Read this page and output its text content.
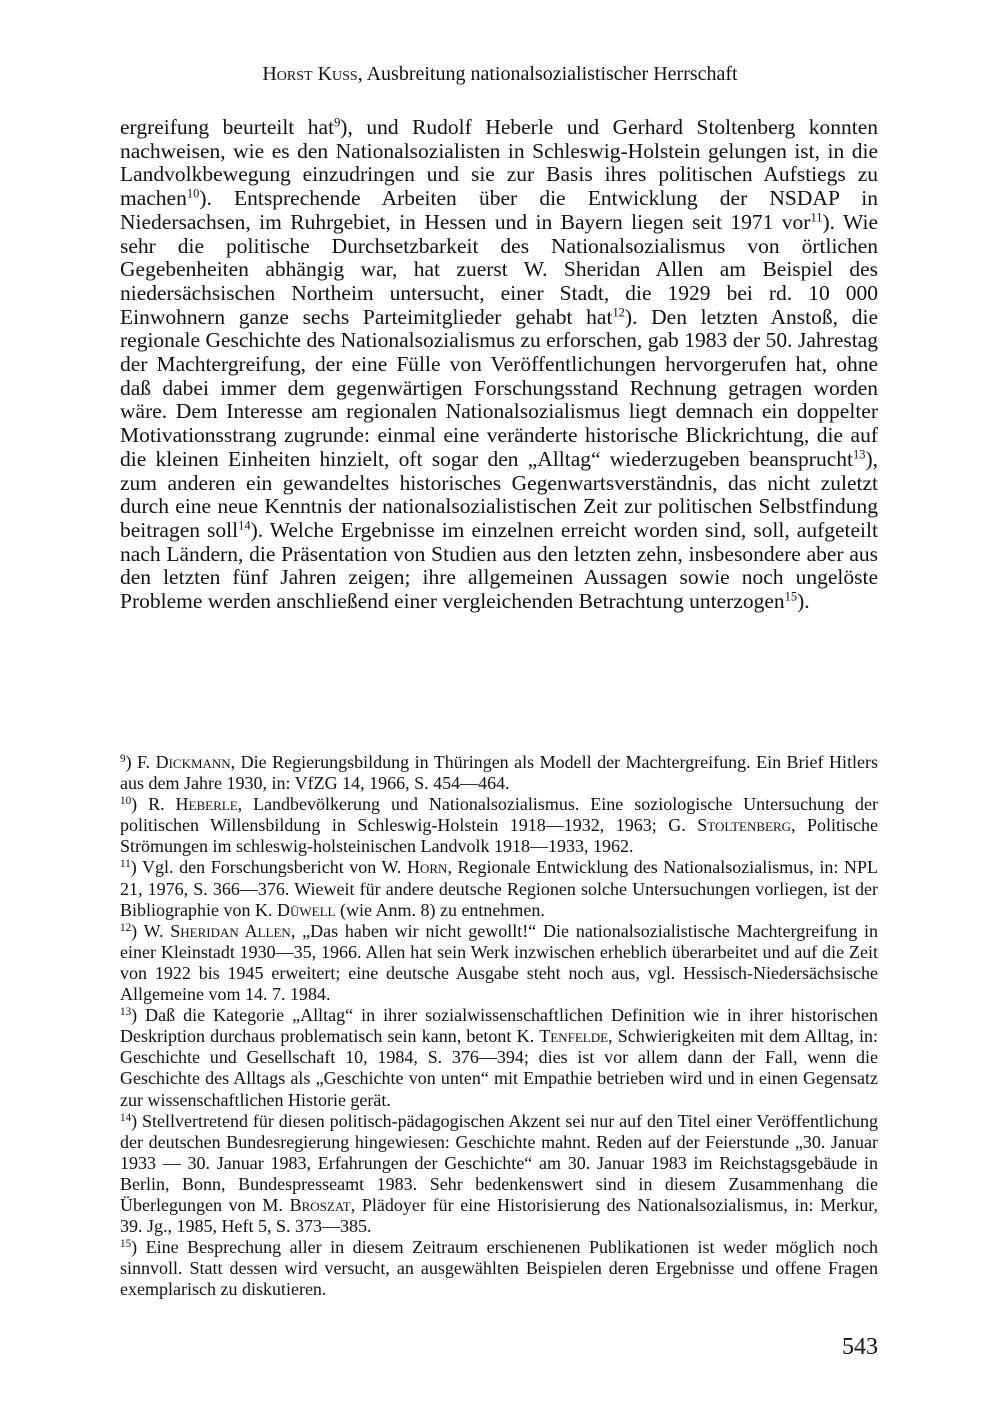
Horst Kuss, Ausbreitung nationalsozialistischer Herrschaft

ergreifung beurteilt hat$^9$), und Rudolf Heberle und Gerhard Stoltenberg konnten nachweisen, wie es den Nationalsozialisten in Schleswig-Holstein gelungen ist, in die Landvolkbewegung einzudringen und sie zur Basis ihres politischen Aufstiegs zu machen$^{10}$). Entsprechende Arbeiten über die Entwicklung der NSDAP in Niedersachsen, im Ruhrgebiet, in Hessen und in Bayern liegen seit 1971 vor$^{11}$). Wie sehr die politische Durchsetzbarkeit des Nationalsozialismus von örtlichen Gegebenheiten abhängig war, hat zuerst W. Sheridan Allen am Beispiel des niedersächsischen Northeim untersucht, einer Stadt, die 1929 bei rd. 10 000 Einwohnern ganze sechs Parteimitglieder gehabt hat$^{12}$). Den letzten Anstoß, die regionale Geschichte des Nationalsozialismus zu erforschen, gab 1983 der 50. Jahrestag der Machtergreifung, der eine Fülle von Veröffentlichungen hervorgerufen hat, ohne daß dabei immer dem gegenwärtigen Forschungsstand Rechnung getragen worden wäre. Dem Interesse am regionalen Nationalsozialismus liegt demnach ein doppelter Motivationsstrang zugrunde: einmal eine veränderte historische Blickrichtung, die auf die kleinen Einheiten hinzielt, oft sogar den „Alltag“ wiederzugeben beansprucht$^{13}$), zum anderen ein gewandeltes historisches Gegenwartsverständnis, das nicht zuletzt durch eine neue Kenntnis der nationalsozialistischen Zeit zur politischen Selbstfindung beitragen soll$^{14}$). Welche Ergebnisse im einzelnen erreicht worden sind, soll, aufgeteilt nach Ländern, die Präsentation von Studien aus den letzten zehn, insbesondere aber aus den letzten fünf Jahren zeigen; ihre allgemeinen Aussagen sowie noch ungelöste Probleme werden anschließend einer vergleichenden Betrachtung unterzogen$^{15}$).

$^9$) F. Dickmann, Die Regierungsbildung in Thüringen als Modell der Machtergreifung. Ein Brief Hitlers aus dem Jahre 1930, in: VfZG 14, 1966, S. 454—464.

$^{10}$) R. Heberle, Landbevölkerung und Nationalsozialismus. Eine soziologische Untersuchung der politischen Willensbildung in Schleswig-Holstein 1918—1932, 1963; G. Stoltenberg, Politische Strömungen im schleswig-holsteinischen Landvolk 1918—1933, 1962.

$^{11}$) Vgl. den Forschungsbericht von W. Horn, Regionale Entwicklung des Nationalsozialismus, in: NPL 21, 1976, S. 366—376. Wieweit für andere deutsche Regionen solche Untersuchungen vorliegen, ist der Bibliographie von K. Düwell (wie Anm. 8) zu entnehmen.

$^{12}$) W. Sheridan Allen, „Das haben wir nicht gewollt!“ Die nationalsozialistische Machtergreifung in einer Kleinstadt 1930—35, 1966. Allen hat sein Werk inzwischen erheblich überarbeitet und auf die Zeit von 1922 bis 1945 erweitert; eine deutsche Ausgabe steht noch aus, vgl. Hessisch-Niedersächsische Allgemeine vom 14. 7. 1984.

$^{13}$) Daß die Kategorie „Alltag“ in ihrer sozialwissenschaftlichen Definition wie in ihrer historischen Deskription durchaus problematisch sein kann, betont K. Tenfelde, Schwierigkeiten mit dem Alltag, in: Geschichte und Gesellschaft 10, 1984, S. 376—394; dies ist vor allem dann der Fall, wenn die Geschichte des Alltags als „Geschichte von unten“ mit Empathie betrieben wird und in einen Gegensatz zur wissenschaftlichen Historie gerät.

$^{14}$) Stellvertretend für diesen politisch-pädagogischen Akzent sei nur auf den Titel einer Veröffentlichung der deutschen Bundesregierung hingewiesen: Geschichte mahnt. Reden auf der Feierstunde „30. Januar 1933 — 30. Januar 1983, Erfahrungen der Geschichte“ am 30. Januar 1983 im Reichstagsgebäude in Berlin, Bonn, Bundespresseamt 1983. Sehr bedenkenswert sind in diesem Zusammenhang die Überlegungen von M. Broszat, Plädoyer für eine Historisierung des Nationalsozialismus, in: Merkur, 39. Jg., 1985, Heft 5, S. 373—385.

$^{15}$) Eine Besprechung aller in diesem Zeitraum erschienenen Publikationen ist weder möglich noch sinnvoll. Statt dessen wird versucht, an ausgewählten Beispielen deren Ergebnisse und offene Fragen exemplarisch zu diskutieren.

543
